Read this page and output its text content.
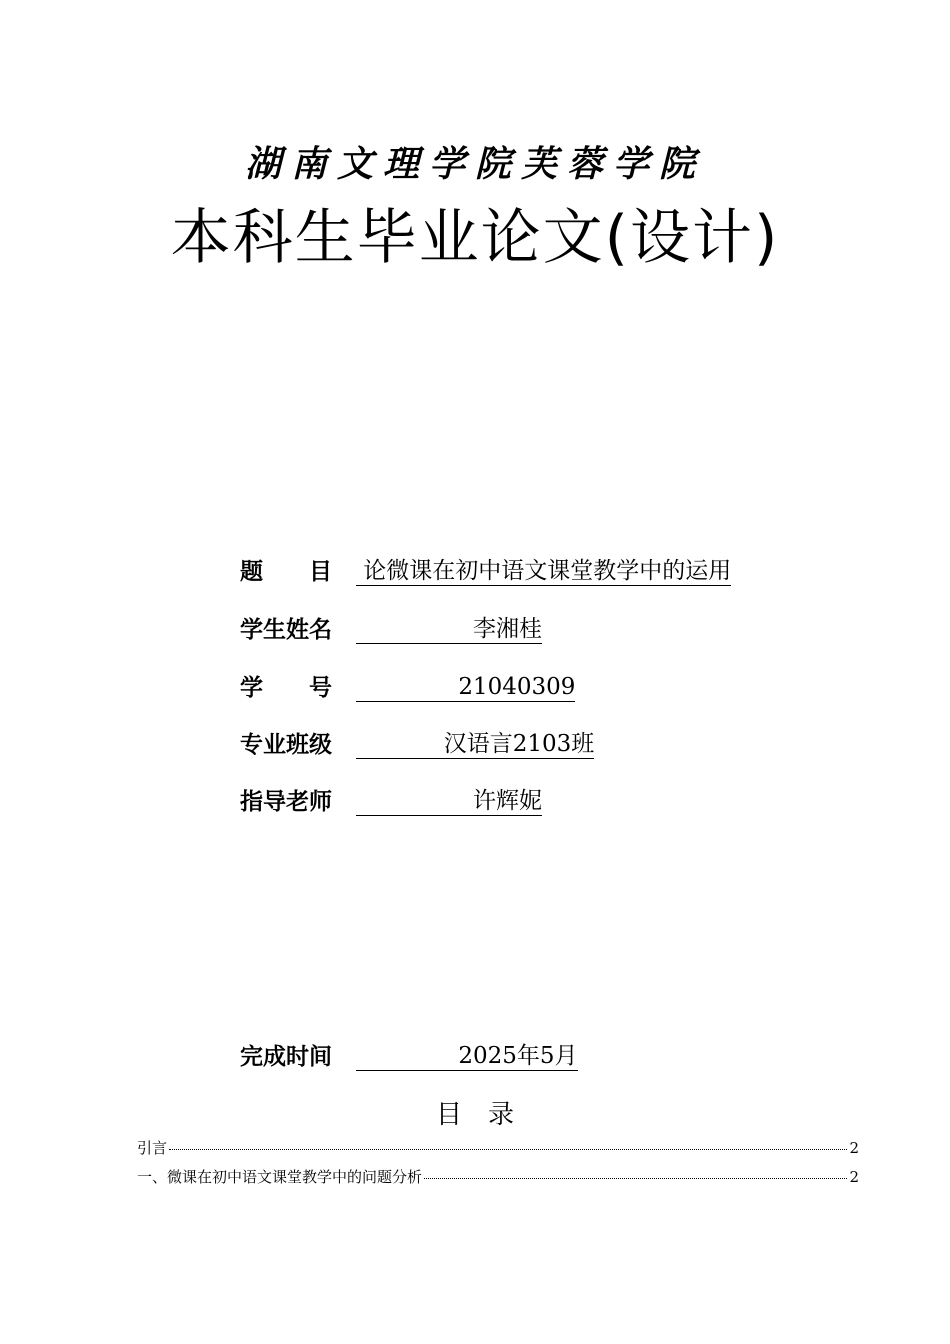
湖南文理学院芙蓉学院
本科生毕业论文(设计)
题　　目	论微课在初中语文课堂教学中的运用
学生姓名	李湘桂
学　　号	21040309
专业班级	汉语言2103班
指导老师	许辉妮
完成时间	2025年5月
目录
引言	2
一、微课在初中语文课堂教学中的问题分析	2
